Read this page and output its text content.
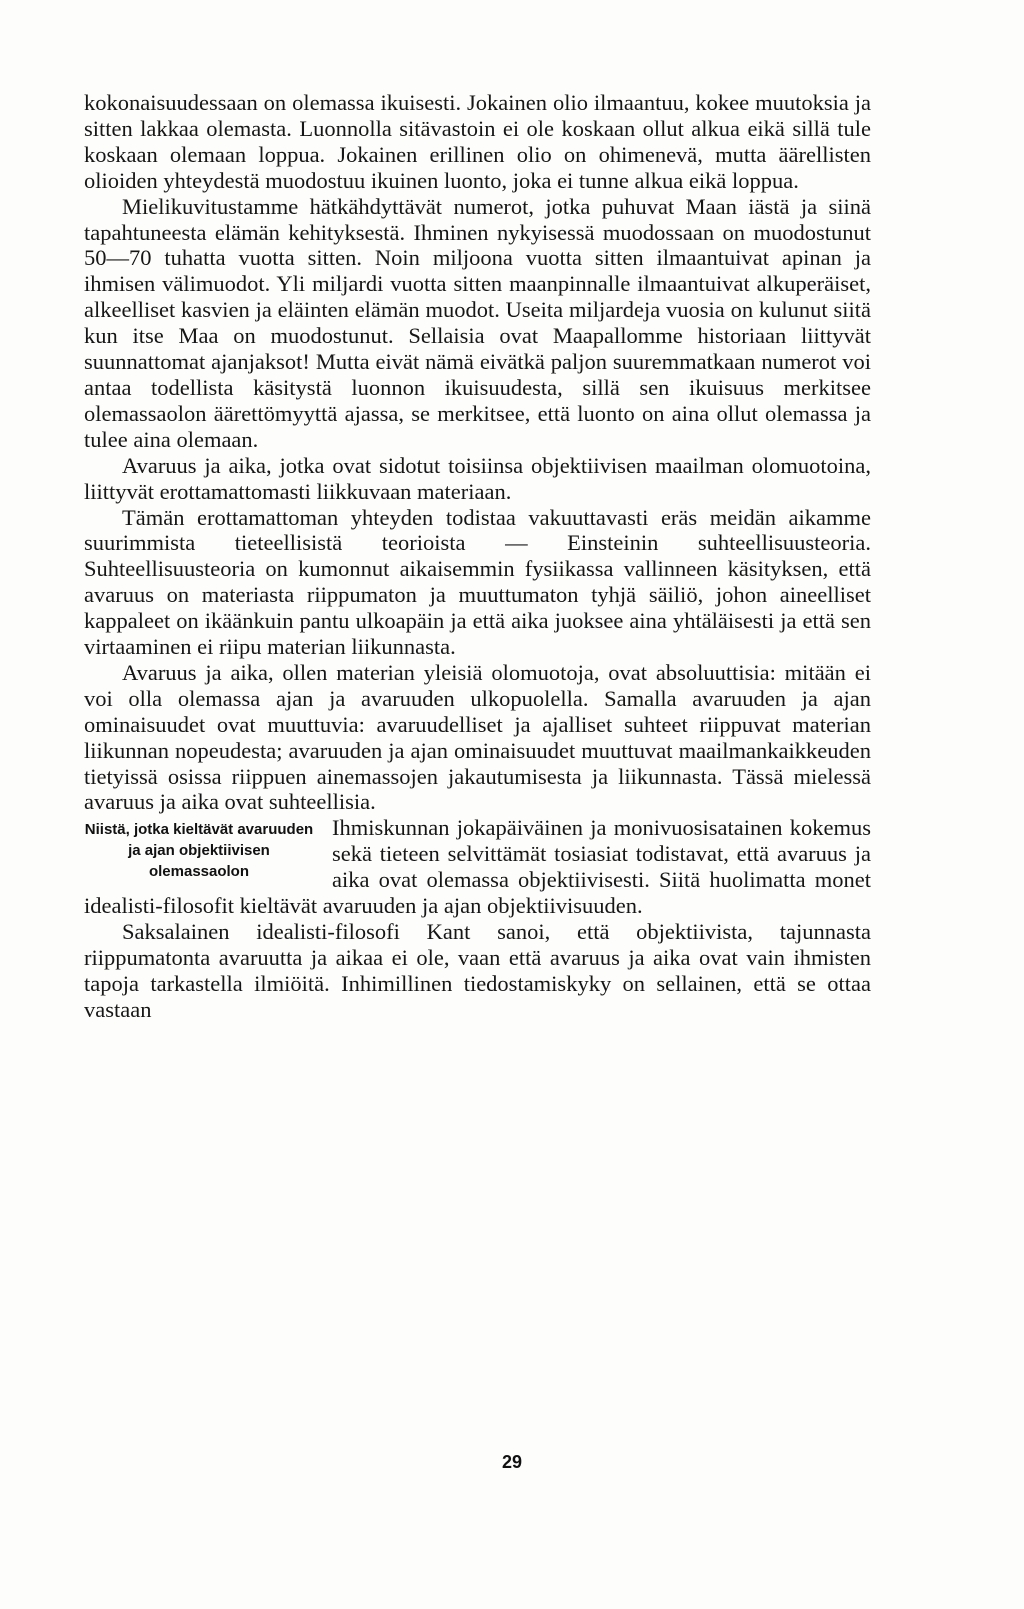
kokonaisuudessaan on olemassa ikuisesti. Jokainen olio ilmaantuu, kokee muutoksia ja sitten lakkaa olemasta. Luonnolla sitävastoin ei ole koskaan ollut alkua eikä sillä tule koskaan olemaan loppua. Jokainen erillinen olio on ohimenevä, mutta äärellisten olioiden yhteydestä muodostuu ikuinen luonto, joka ei tunne alkua eikä loppua.

Mielikuvitustamme hätkähdyttävät numerot, jotka puhuvat Maan iästä ja siinä tapahtuneesta elämän kehityksestä. Ihminen nykyisessä muodossaan on muodostunut 50—70 tuhatta vuotta sitten. Noin miljoona vuotta sitten ilmaantuivat apinan ja ihmisen välimuodot. Yli miljardi vuotta sitten maanpinnalle ilmaantuivat alkuperäiset, alkeelliset kasvien ja eläinten elämän muodot. Useita miljardeja vuosia on kulunut siitä kun itse Maa on muodostunut. Sellaisia ovat Maapallomme historiaan liittyvät suunnattomat ajanjaksot! Mutta eivät nämä eivätkä paljon suuremmatkaan numerot voi antaa todellista käsitystä luonnon ikuisuudesta, sillä sen ikuisuus merkitsee olemassaolon äärettömyyttä ajassa, se merkitsee, että luonto on aina ollut olemassa ja tulee aina olemaan.

Avaruus ja aika, jotka ovat sidotut toisiinsa objektiivisen maailman olomuotoina, liittyvät erottamattomasti liikkuvaan materiaan.

Tämän erottamattoman yhteyden todistaa vakuuttavasti eräs meidän aikamme suurimmista tieteellisistä teorioista — Einsteinin suhteellisuusteoria. Suhteellisuusteoria on kumonnut aikaisemmin fysiikassa vallinneen käsityksen, että avaruus on materiasta riippumaton ja muuttumaton tyhjä säiliö, johon aineelliset kappaleet on ikäänkuin pantu ulkoapäin ja että aika juoksee aina yhtäläisesti ja että sen virtaaminen ei riipu materian liikunnasta.

Avaruus ja aika, ollen materian yleisiä olomuotoja, ovat absoluuttisia: mitään ei voi olla olemassa ajan ja avaruuden ulkopuolella. Samalla avaruuden ja ajan ominaisuudet ovat muuttuvia: avaruudelliset ja ajalliset suhteet riippuvat materian liikunnan nopeudesta; avaruuden ja ajan ominaisuudet muuttuvat maailmankaikkeuden tietyissä osissa riippuen ainemassojen jakautumisesta ja liikunnasta. Tässä mielessä avaruus ja aika ovat suhteellisia.

Niistä, jotka kieltävät avaruuden ja ajan objektiivisen olemassaolon

Ihmiskunnan jokapäiväinen ja monivuosisatainen kokemus sekä tieteen selvittämät tosiasiat todistavat, että avaruus ja aika ovat olemassa objektiivisesti. Siitä huolimatta monet idealisti-filosofit kieltävät avaruuden ja ajan objektiivisuuden.

Saksalainen idealisti-filosofi Kant sanoi, että objektiivista, tajunnasta riippumatonta avaruutta ja aikaa ei ole, vaan että avaruus ja aika ovat vain ihmisten tapoja tarkastella ilmiöitä. Inhimillinen tiedostamiskyky on sellainen, että se ottaa vastaan

29
